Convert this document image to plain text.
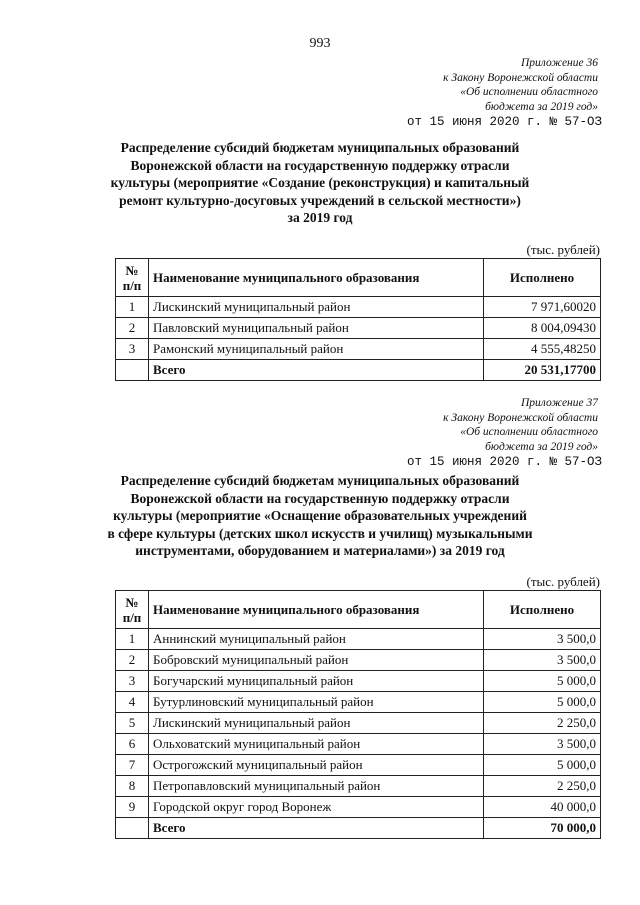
993
Приложение 36
к Закону Воронежской области
«Об исполнении областного
бюджета за 2019 год»
от 15 июня 2020 г. № 57-ОЗ
Распределение субсидий бюджетам муниципальных образований
Воронежской области на государственную поддержку отрасли
культуры (мероприятие «Создание (реконструкция) и капитальный
ремонт культурно-досуговых учреждений в сельской местности»)
за 2019 год
(тыс. рублей)
№
п/п	Наименование муниципального образования	Исполнено
1	Лискинский муниципальный район	7 971,60020
2	Павловский муниципальный район	8 004,09430
3	Рамонский муниципальный район	4 555,48250
	Всего	20 531,17700
Приложение 37
к Закону Воронежской области
«Об исполнении областного
бюджета за 2019 год»
от 15 июня 2020 г. № 57-ОЗ
Распределение субсидий бюджетам муниципальных образований
Воронежской области на государственную поддержку отрасли
культуры (мероприятие «Оснащение образовательных учреждений
в сфере культуры (детских школ искусств и училищ) музыкальными
инструментами, оборудованием и материалами») за 2019 год
(тыс. рублей)
№
п/п	Наименование муниципального образования	Исполнено
1	Аннинский муниципальный район	3 500,0
2	Бобровский муниципальный район	3 500,0
3	Богучарский муниципальный район	5 000,0
4	Бутурлиновский муниципальный район	5 000,0
5	Лискинский муниципальный район	2 250,0
6	Ольховатский муниципальный район	3 500,0
7	Острогожский муниципальный район	5 000,0
8	Петропавловский муниципальный район	2 250,0
9	Городской округ город Воронеж	40 000,0
	Всего	70 000,0
